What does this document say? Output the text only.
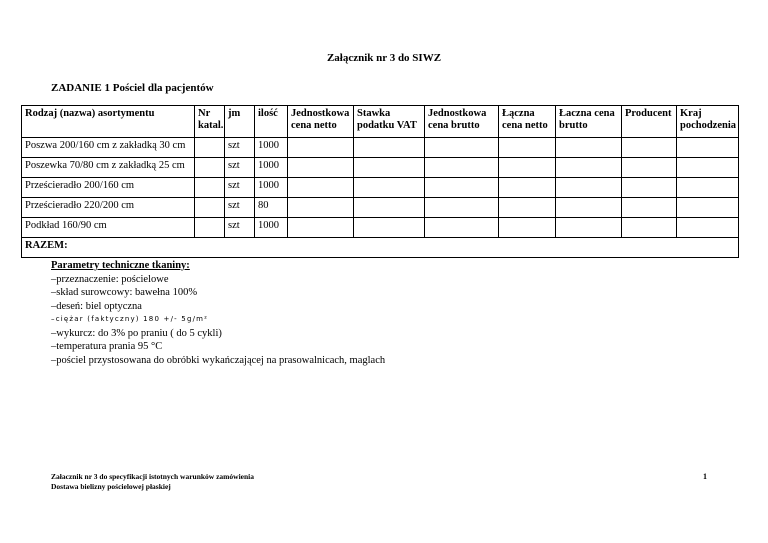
Załącznik nr 3 do SIWZ
ZADANIE 1 Pościel dla pacjentów
Rodzaj (nazwa) asortymentu	Nr katal.	jm	ilość	Jednostkowa cena netto	Stawka podatku VAT	Jednostkowa cena brutto	Łączna cena netto	Łaczna cena brutto	Producent	Kraj pochodzenia
Poszwa 200/160 cm z zakładką 30 cm		szt	1000							
Poszewka 70/80 cm z zakładką 25 cm		szt	1000							
Prześcieradło 200/160 cm		szt	1000							
Prześcieradło 220/200 cm		szt	80							
Podkład 160/90 cm		szt	1000							
RAZEM:										
Parametry techniczne tkaniny:
–przeznaczenie: pościelowe
–skład surowcowy: bawełna 100%
–deseń: biel optyczna
–ciężar (faktyczny) 180 +/- 5g/m²
–wykurcz: do 3% po praniu ( do 5 cykli)
–temperatura prania 95 °C
–pościel przystosowana do obróbki wykańczającej na prasowalnicach, maglach
Załacznik nr 3 do specyfikacji istotnych warunków zamówienia
Dostawa bielizny pościelowej płaskiej
1
